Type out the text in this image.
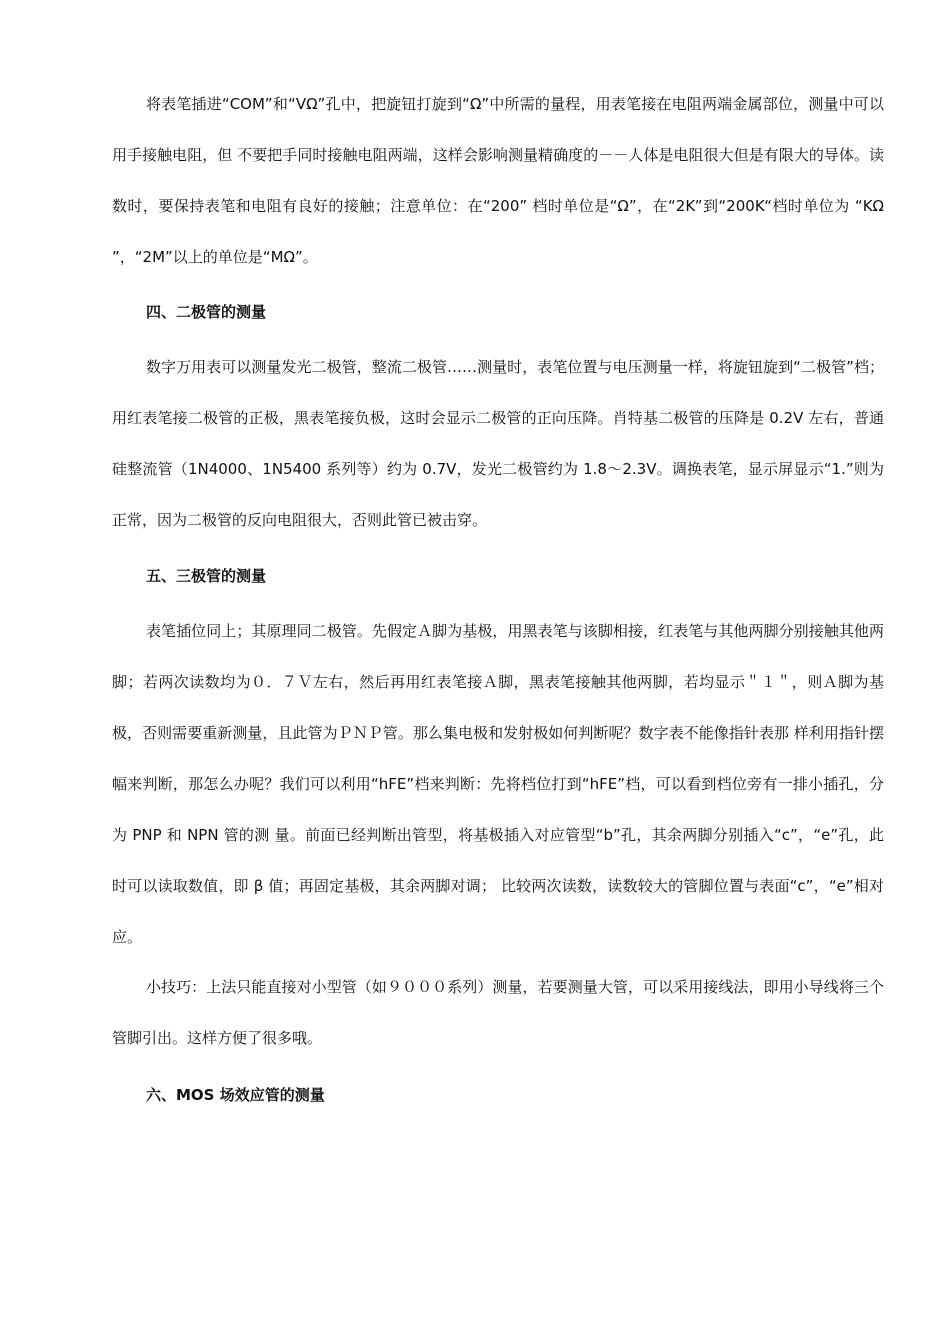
将表笔插进“COM”和“VΩ”孔中，把旋钮打旋到“Ω”中所需的量程，用表笔接在电阻两端金属部位，测量中可以用手接触电阻，但 不要把手同时接触电阻两端，这样会影响测量精确度的－－人体是电阻很大但是有限大的导体。读数时，要保持表笔和电阻有良好的接触；注意单位：在“200” 档时单位是“Ω”，在“2K”到“200K“档时单位为 “KΩ ”，“2M”以上的单位是“MΩ”。

四、二极管的测量

数字万用表可以测量发光二极管，整流二极管……测量时，表笔位置与电压测量一样，将旋钮旋到“二极管”档；用红表笔接二极管的正极，黑表笔接负极，这时会显示二极管的正向压降。肖特基二极管的压降是 0.2V 左右，普通硅整流管（1N4000、1N5400 系列等）约为 0.7V，发光二极管约为 1.8～2.3V。调换表笔，显示屏显示“1.”则为正常，因为二极管的反向电阻很大，否则此管已被击穿。

五、三极管的测量

表笔插位同上；其原理同二极管。先假定Ａ脚为基极，用黑表笔与该脚相接，红表笔与其他两脚分别接触其他两脚；若两次读数均为０．７Ｖ左右，然后再用红表笔接Ａ脚，黑表笔接触其他两脚，若均显示＂１＂，则Ａ脚为基极，否则需要重新测量，且此管为ＰＮＰ管。那么集电极和发射极如何判断呢？数字表不能像指针表那 样利用指针摆幅来判断，那怎么办呢？我们可以利用“hFE”档来判断：先将档位打到“hFE”档，可以看到档位旁有一排小插孔，分为 PNP 和 NPN 管的测 量。前面已经判断出管型，将基极插入对应管型“b”孔，其余两脚分别插入“c”，“e”孔，此时可以读取数值，即 β 值；再固定基极，其余两脚对调； 比较两次读数，读数较大的管脚位置与表面“c”，“e”相对应。

小技巧：上法只能直接对小型管（如９０００系列）测量，若要测量大管，可以采用接线法，即用小导线将三个管脚引出。这样方便了很多哦。

六、MOS 场效应管的测量
